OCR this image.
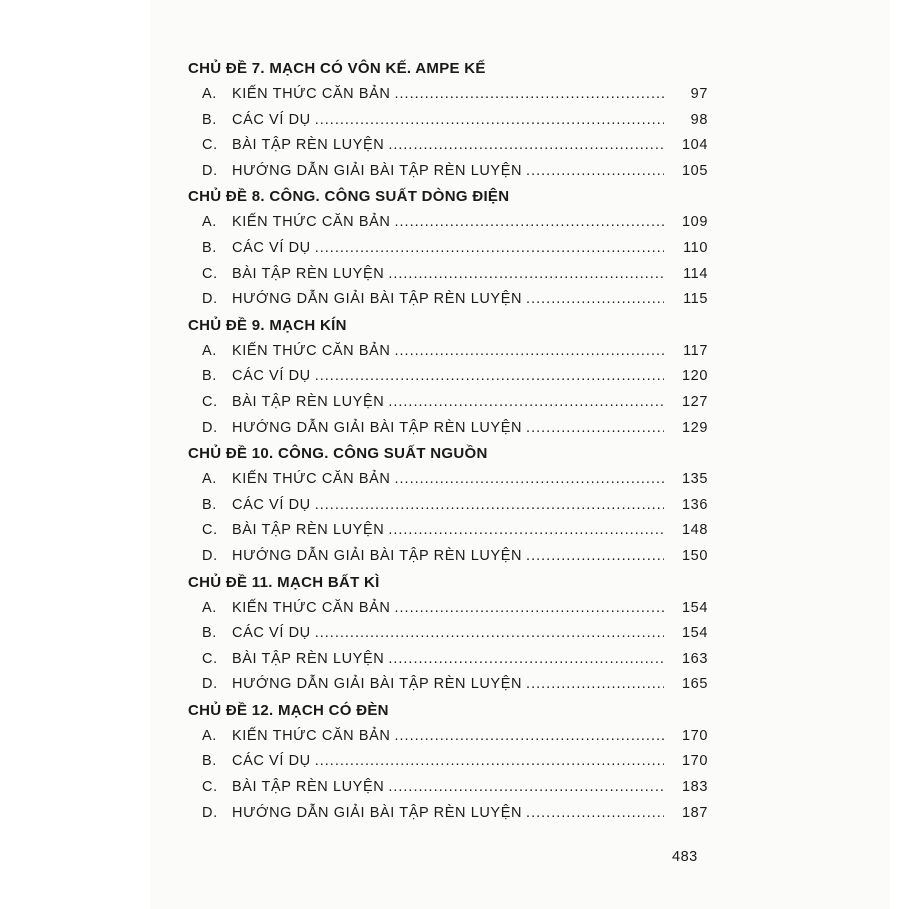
CHỦ ĐỀ 7. MẠCH CÓ VÔN KẾ. AMPE KẾ
A.	KIẾN THỨC CĂN BẢN .....	97
B.	CÁC VÍ DỤ .....	98
C. BÀI TẬP RÈN LUYỆN .....	104
D. HƯỚNG DẪN GIẢI BÀI TẬP RÈN LUYỆN .....	105
CHỦ ĐỀ 8. CÔNG. CÔNG SUẤT DÒNG ĐIỆN
A.	KIẾN THỨC CĂN BẢN .....	109
B.	CÁC VÍ DỤ .....	110
C. BÀI TẬP RÈN LUYỆN .....	114
D. HƯỚNG DẪN GIẢI BÀI TẬP RÈN LUYỆN .....	115
CHỦ ĐỀ 9. MẠCH KÍN
A.	KIẾN THỨC CĂN BẢN .....	117
B.	CÁC VÍ DỤ .....	120
C. BÀI TẬP RÈN LUYỆN .....	127
D. HƯỚNG DẪN GIẢI BÀI TẬP RÈN LUYỆN .....	129
CHỦ ĐỀ 10. CÔNG. CÔNG SUẤT NGUỒN
A.	KIẾN THỨC CĂN BẢN .....	135
B.	CÁC VÍ DỤ .....	136
C. BÀI TẬP RÈN LUYỆN .....	148
D. HƯỚNG DẪN GIẢI BÀI TẬP RÈN LUYỆN .....	150
CHỦ ĐỀ 11. MẠCH BẤT KÌ
A.	KIẾN THỨC CĂN BẢN .....	154
B.	CÁC VÍ DỤ .....	154
C. BÀI TẬP RÈN LUYỆN .....	163
D. HƯỚNG DẪN GIẢI BÀI TẬP RÈN LUYỆN .....	165
CHỦ ĐỀ 12. MẠCH CÓ ĐÈN
A.	KIẾN THỨC CĂN BẢN .....	170
B.	CÁC VÍ DỤ .....	170
C. BÀI TẬP RÈN LUYỆN .....	183
D. HƯỚNG DẪN GIẢI BÀI TẬP RÈN LUYỆN .....	187
483
